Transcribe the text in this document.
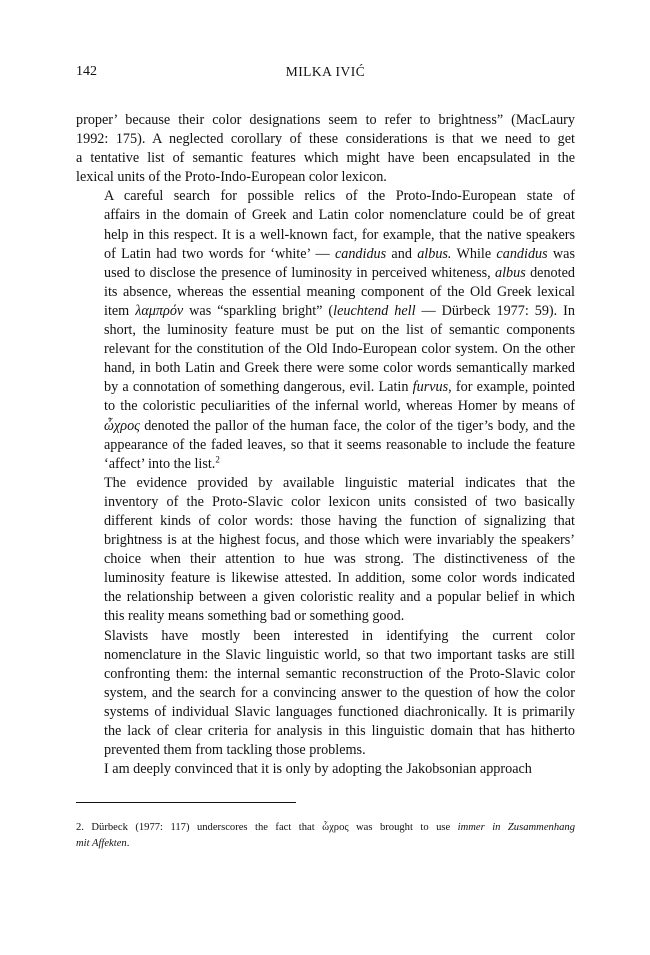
142	MILKA IVIĆ

proper’ because their color designations seem to refer to brightness” (MacLaury
1992: 175). A neglected corollary of these considerations is that we need to get
a tentative list of semantic features which might have been encapsulated in the
lexical units of the Proto-Indo-European color lexicon.

A careful search for possible relics of the Proto-Indo-European state of
affairs in the domain of Greek and Latin color nomenclature could be of great
help in this respect. It is a well-known fact, for example, that the native speakers
of Latin had two words for ‘white’ — candidus and albus. While candidus was
used to disclose the presence of luminosity in perceived whiteness, albus denoted
its absence, whereas the essential meaning component of the Old Greek lexical
item λαμπρόν was “sparkling bright” (leuchtend hell — Dürbeck 1977: 59). In
short, the luminosity feature must be put on the list of semantic components
relevant for the constitution of the Old Indo-European color system. On the other
hand, in both Latin and Greek there were some color words semantically marked
by a connotation of something dangerous, evil. Latin furvus, for example, pointed
to the coloristic peculiarities of the infernal world, whereas Homer by means of
ὦχρος denoted the pallor of the human face, the color of the tiger’s body, and the
appearance of the faded leaves, so that it seems reasonable to include the feature
‘affect’ into the list.$^2$

The evidence provided by available linguistic material indicates that the
inventory of the Proto-Slavic color lexicon units consisted of two basically
different kinds of color words: those having the function of signalizing that
brightness is at the highest focus, and those which were invariably the speakers’
choice when their attention to hue was strong. The distinctiveness of the
luminosity feature is likewise attested. In addition, some color words indicated
the relationship between a given coloristic reality and a popular belief in which
this reality means something bad or something good.

Slavists have mostly been interested in identifying the current color
nomenclature in the Slavic linguistic world, so that two important tasks are still
confronting them: the internal semantic reconstruction of the Proto-Slavic color
system, and the search for a convincing answer to the question of how the color
systems of individual Slavic languages functioned diachronically. It is primarily
the lack of clear criteria for analysis in this linguistic domain that has hitherto
prevented them from tackling those problems.

I am deeply convinced that it is only by adopting the Jakobsonian approach

2. Dürbeck (1977: 117) underscores the fact that ὦχρος was brought to use immer in Zusammenhang
mit Affekten.
